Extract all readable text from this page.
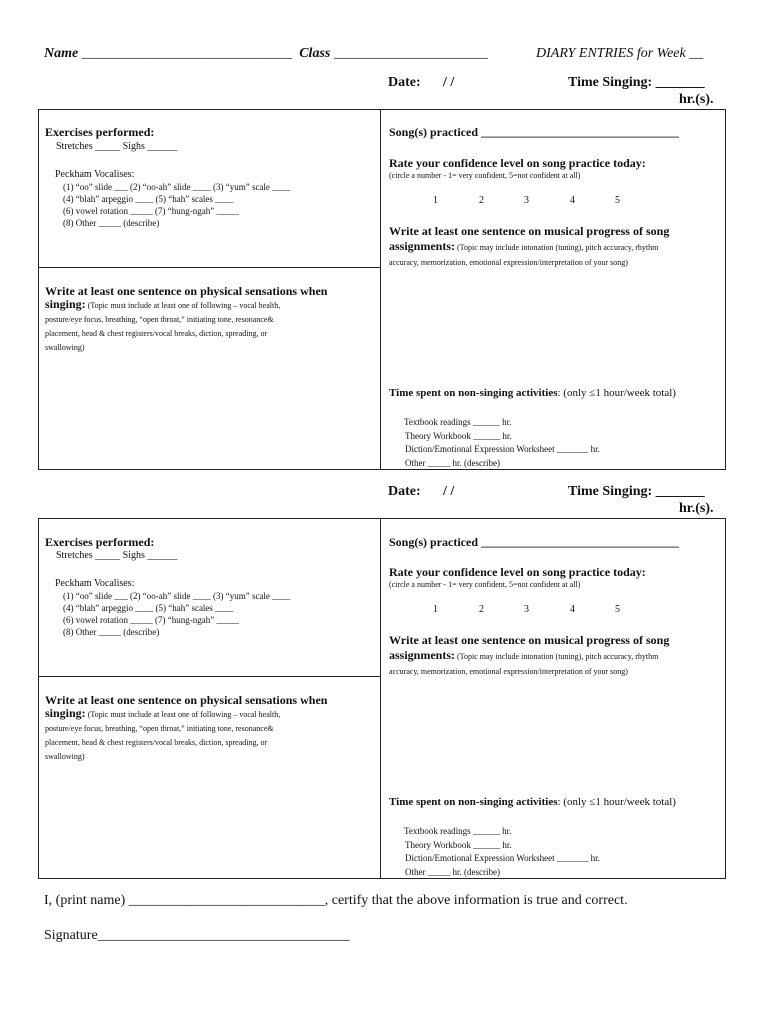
Name ______________________________ Class ______________________	DIARY ENTRIES for Week __
Date: / /	Time Singing: _______
hr.(s).
Exercises performed:
Stretches _____ Sighs ______
Peckham Vocalises:
(1) “oo” slide ___ (2) “oo-ah” slide ____ (3) “yum” scale ____
(4) “blah” arpeggio ____ (5) “hah” scales ____
(6) vowel rotation _____ (7) “hung-ngah” _____
(8) Other _____ (describe)
Write at least one sentence on physical sensations when
singing: (Topic must include at least one of following – vocal health,
posture/eye focus, breathing, “open throat,” initiating tone, resonance&
placement, head & chest registers/vocal breaks, diction, spreading, or
swallowing)
Song(s) practiced _________________________________
Rate your confidence level on song practice today:
(circle a number - 1= very confident, 5=not confident at all)
1	2	3	4	5
Write at least one sentence on musical progress of song
assignments: (Topic may include intonation (tuning), pitch accuracy, rhythm
accuracy, memorization, emotional expression/interpretation of your song)
Time spent on non-singing activities: (only ≤1 hour/week total)
Textbook readings ______ hr.
Theory Workbook ______ hr.
Diction/Emotional Expression Worksheet _______ hr.
Other _____ hr. (describe)
Date: / /	Time Singing: _______
hr.(s).
Exercises performed:
Stretches _____ Sighs ______
Peckham Vocalises:
(1) “oo” slide ___ (2) “oo-ah” slide ____ (3) “yum” scale ____
(4) “blah” arpeggio ____ (5) “hah” scales ____
(6) vowel rotation _____ (7) “hung-ngah” _____
(8) Other _____ (describe)
Write at least one sentence on physical sensations when
singing: (Topic must include at least one of following – vocal health,
posture/eye focus, breathing, “open throat,” initiating tone, resonance&
placement, head & chest registers/vocal breaks, diction, spreading, or
swallowing)
Song(s) practiced _________________________________
Rate your confidence level on song practice today:
(circle a number - 1= very confident, 5=not confident at all)
1	2	3	4	5
Write at least one sentence on musical progress of song
assignments: (Topic may include intonation (tuning), pitch accuracy, rhythm
accuracy, memorization, emotional expression/interpretation of your song)
Time spent on non-singing activities: (only ≤1 hour/week total)
Textbook readings ______ hr.
Theory Workbook ______ hr.
Diction/Emotional Expression Worksheet _______ hr.
Other _____ hr. (describe)
I, (print name) ____________________________, certify that the above information is true and correct.
Signature____________________________________
